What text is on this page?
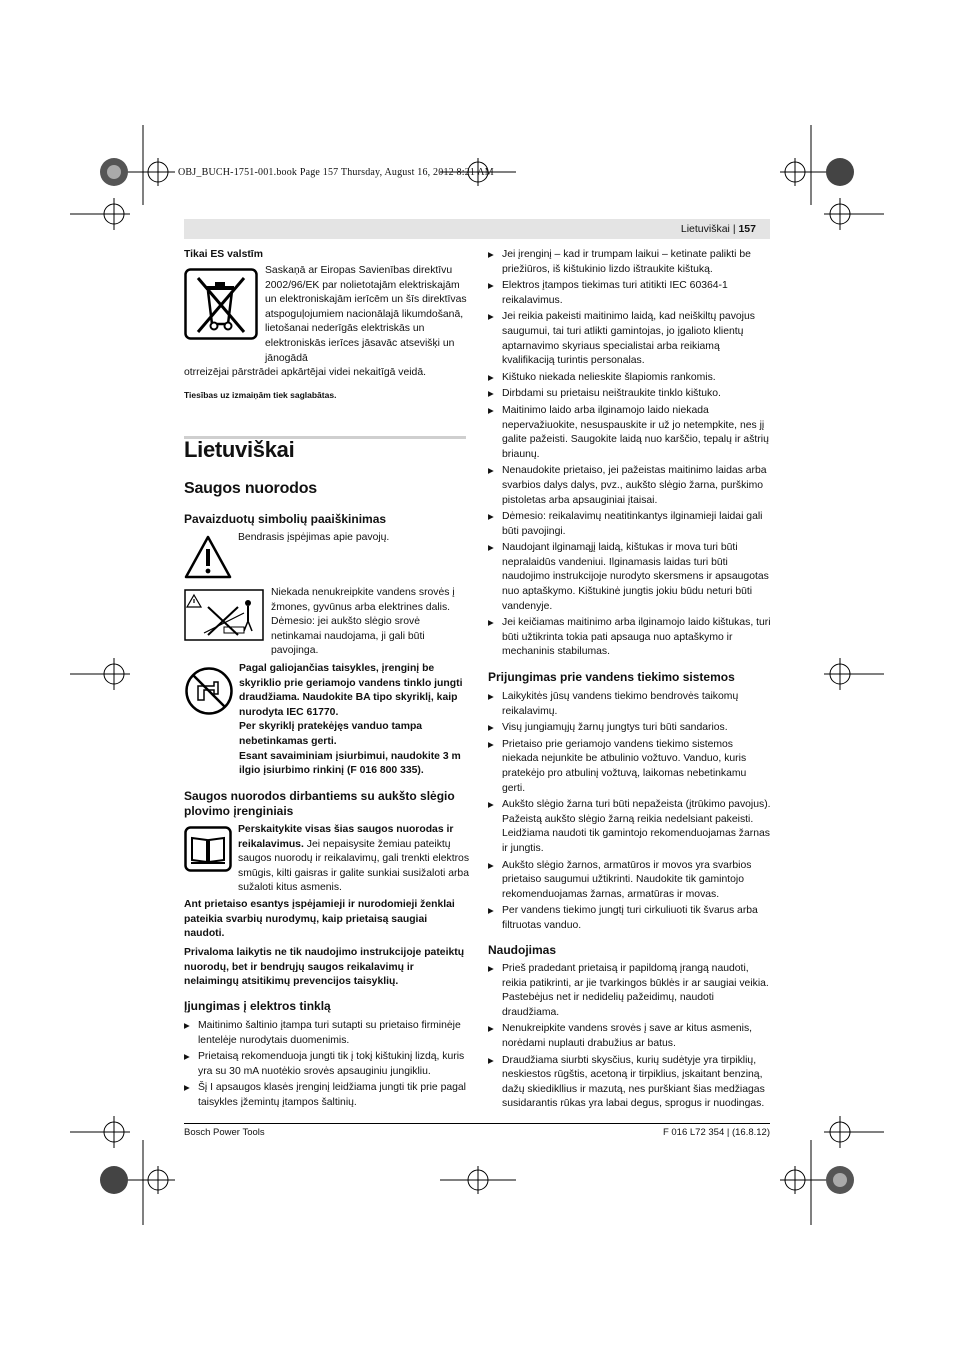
OBJ_BUCH-1751-001.book Page 157 Thursday, August 16, 2012 8:21 AM
Lietuviškai | 157
Tikai ES valstīm
Saskaņā ar Eiropas Savienības direktīvu 2002/96/EK par nolietotajām elektriskajām un elektroniskajām ierīcēm un šīs direktīvas atspoguļojumiem nacionālajā likumdošanā, lietošanai nederīgās elektriskās un elektroniskās ierīces jāsavāc atsevišķi un jānogādā
otrreizējai pārstrādei apkārtējai videi nekaitīgā veidā.
Tiesības uz izmaiņām tiek saglabātas.
Lietuviškai
Saugos nuorodos
Pavaizduotų simbolių paaiškinimas
Bendrasis įspėjimas apie pavojų.
Niekada nenukreipkite vandens srovės į žmones, gyvūnus arba elektrines dalis. Dėmesio: jei aukšto slėgio srovė netinkamai naudojama, ji gali būti pavojinga.

Pagal galiojančias taisykles, įrenginį be skyriklio prie geriamojo vandens tinklo jungti draudžiama. Naudokite BA tipo skyriklį, kaip nurodyta IEC 61770.

Per skyriklį pratekėjęs vanduo tampa nebetinkamas gerti.

Esant savaiminiam įsiurbimui, naudokite 3 m ilgio įsiurbimo rinkinį (F 016 800 335).

Saugos nuorodos dirbantiems su aukšto slėgio plovimo įrenginiais
Perskaitykite visas šias saugos nuorodas ir reikalavimus. Jei nepaisysite žemiau pateiktų saugos nuorodų ir reikalavimų, gali trenkti elektros smūgis, kilti gaisras ir galite sunkiai susižaloti arba sužaloti kitus asmenis.
Ant prietaiso esantys įspėjamieji ir nurodomieji ženklai pateikia svarbių nurodymų, kaip prietaisą saugiai naudoti.
Privaloma laikytis ne tik naudojimo instrukcijoje pateiktų nuorodų, bet ir bendrųjų saugos reikalavimų ir nelaimingų atsitikimų prevencijos taisyklių.
Įjungimas į elektros tinklą
▶ Maitinimo šaltinio įtampa turi sutapti su prietaiso firminėje lentelėje nurodytais duomenimis.
▶ Prietaisą rekomenduoja jungti tik į tokį kištukinį lizdą, kuris yra su 30 mA nuotėkio srovės apsauginiu jungikliu.
▶ Šį I apsaugos klasės įrenginį leidžiama jungti tik prie pagal taisykles įžemintų įtampos šaltinių.
▶ Jei įrenginį – kad ir trumpam laikui – ketinate palikti be priežiūros, iš kištukinio lizdo ištraukite kištuką.
▶ Elektros įtampos tiekimas turi atitikti IEC 60364-1 reikalavimus.
▶ Jei reikia pakeisti maitinimo laidą, kad neiškiltų pavojus saugumui, tai turi atlikti gamintojas, jo įgalioto klientų aptarnavimo skyriaus specialistai arba reikiamą kvalifikaciją turintis personalas.
▶ Kištuko niekada nelieskite šlapiomis rankomis.
▶ Dirbdami su prietaisu neištraukite tinklo kištuko.
▶ Maitinimo laido arba ilginamojo laido niekada nepervažiuokite, nesuspauskite ir už jo netempkite, nes jį galite pažeisti. Saugokite laidą nuo karščio, tepalų ir aštrių briaunų.
▶ Nenaudokite prietaiso, jei pažeistas maitinimo laidas arba svarbios dalys dalys, pvz., aukšto slėgio žarna, purškimo pistoletas arba apsauginiai įtaisai.
▶ Dėmesio: reikalavimų neatitinkantys ilginamieji laidai gali būti pavojingi.
▶ Naudojant ilginamąjį laidą, kištukas ir mova turi būti nepralaidūs vandeniui. Ilginamasis laidas turi būti naudojimo instrukcijoje nurodyto skersmens ir apsaugotas nuo aptaškymo. Kištukinė jungtis jokiu būdu neturi būti vandenyje.
▶ Jei keičiamas maitinimo arba ilginamojo laido kištukas, turi būti užtikrinta tokia pati apsauga nuo aptaškymo ir mechaninis stabilumas.
Prijungimas prie vandens tiekimo sistemos
▶ Laikykitės jūsų vandens tiekimo bendrovės taikomų reikalavimų.
▶ Visų jungiamųjų žarnų jungtys turi būti sandarios.
▶ Prietaiso prie geriamojo vandens tiekimo sistemos niekada nejunkite be atbulinio vožtuvo. Vanduo, kuris pratekėjo pro atbulinį vožtuvą, laikomas nebetinkamu gerti.
▶ Aukšto slėgio žarna turi būti nepažeista (įtrūkimo pavojus). Pažeistą aukšto slėgio žarną reikia nedelsiant pakeisti. Leidžiama naudoti tik gamintojo rekomenduojamas žarnas ir jungtis.
▶ Aukšto slėgio žarnos, armatūros ir movos yra svarbios prietaiso saugumui užtikrinti. Naudokite tik gamintojo rekomenduojamas žarnas, armatūras ir movas.
▶ Per vandens tiekimo jungtį turi cirkuliuoti tik švarus arba filtruotas vanduo.
Naudojimas
▶ Prieš pradedant prietaisą ir papildomą įrangą naudoti, reikia patikrinti, ar jie tvarkingos būklės ir ar saugiai veikia. Pastebėjus net ir nedidelių pažeidimų, naudoti draudžiama.
▶ Nenukreipkite vandens srovės į save ar kitus asmenis, norėdami nuplauti drabužius ar batus.
▶ Draudžiama siurbti skysčius, kurių sudėtyje yra tirpiklių, neskiestos rūgštis, acetoną ir tirpiklius, įskaitant benziną, dažų skiedikllius ir mazutą, nes purškiant šias medžiagas susidarantis rūkas yra labai degus, sprogus ir nuodingas.
Bosch Power Tools	F 016 L72 354 | (16.8.12)
